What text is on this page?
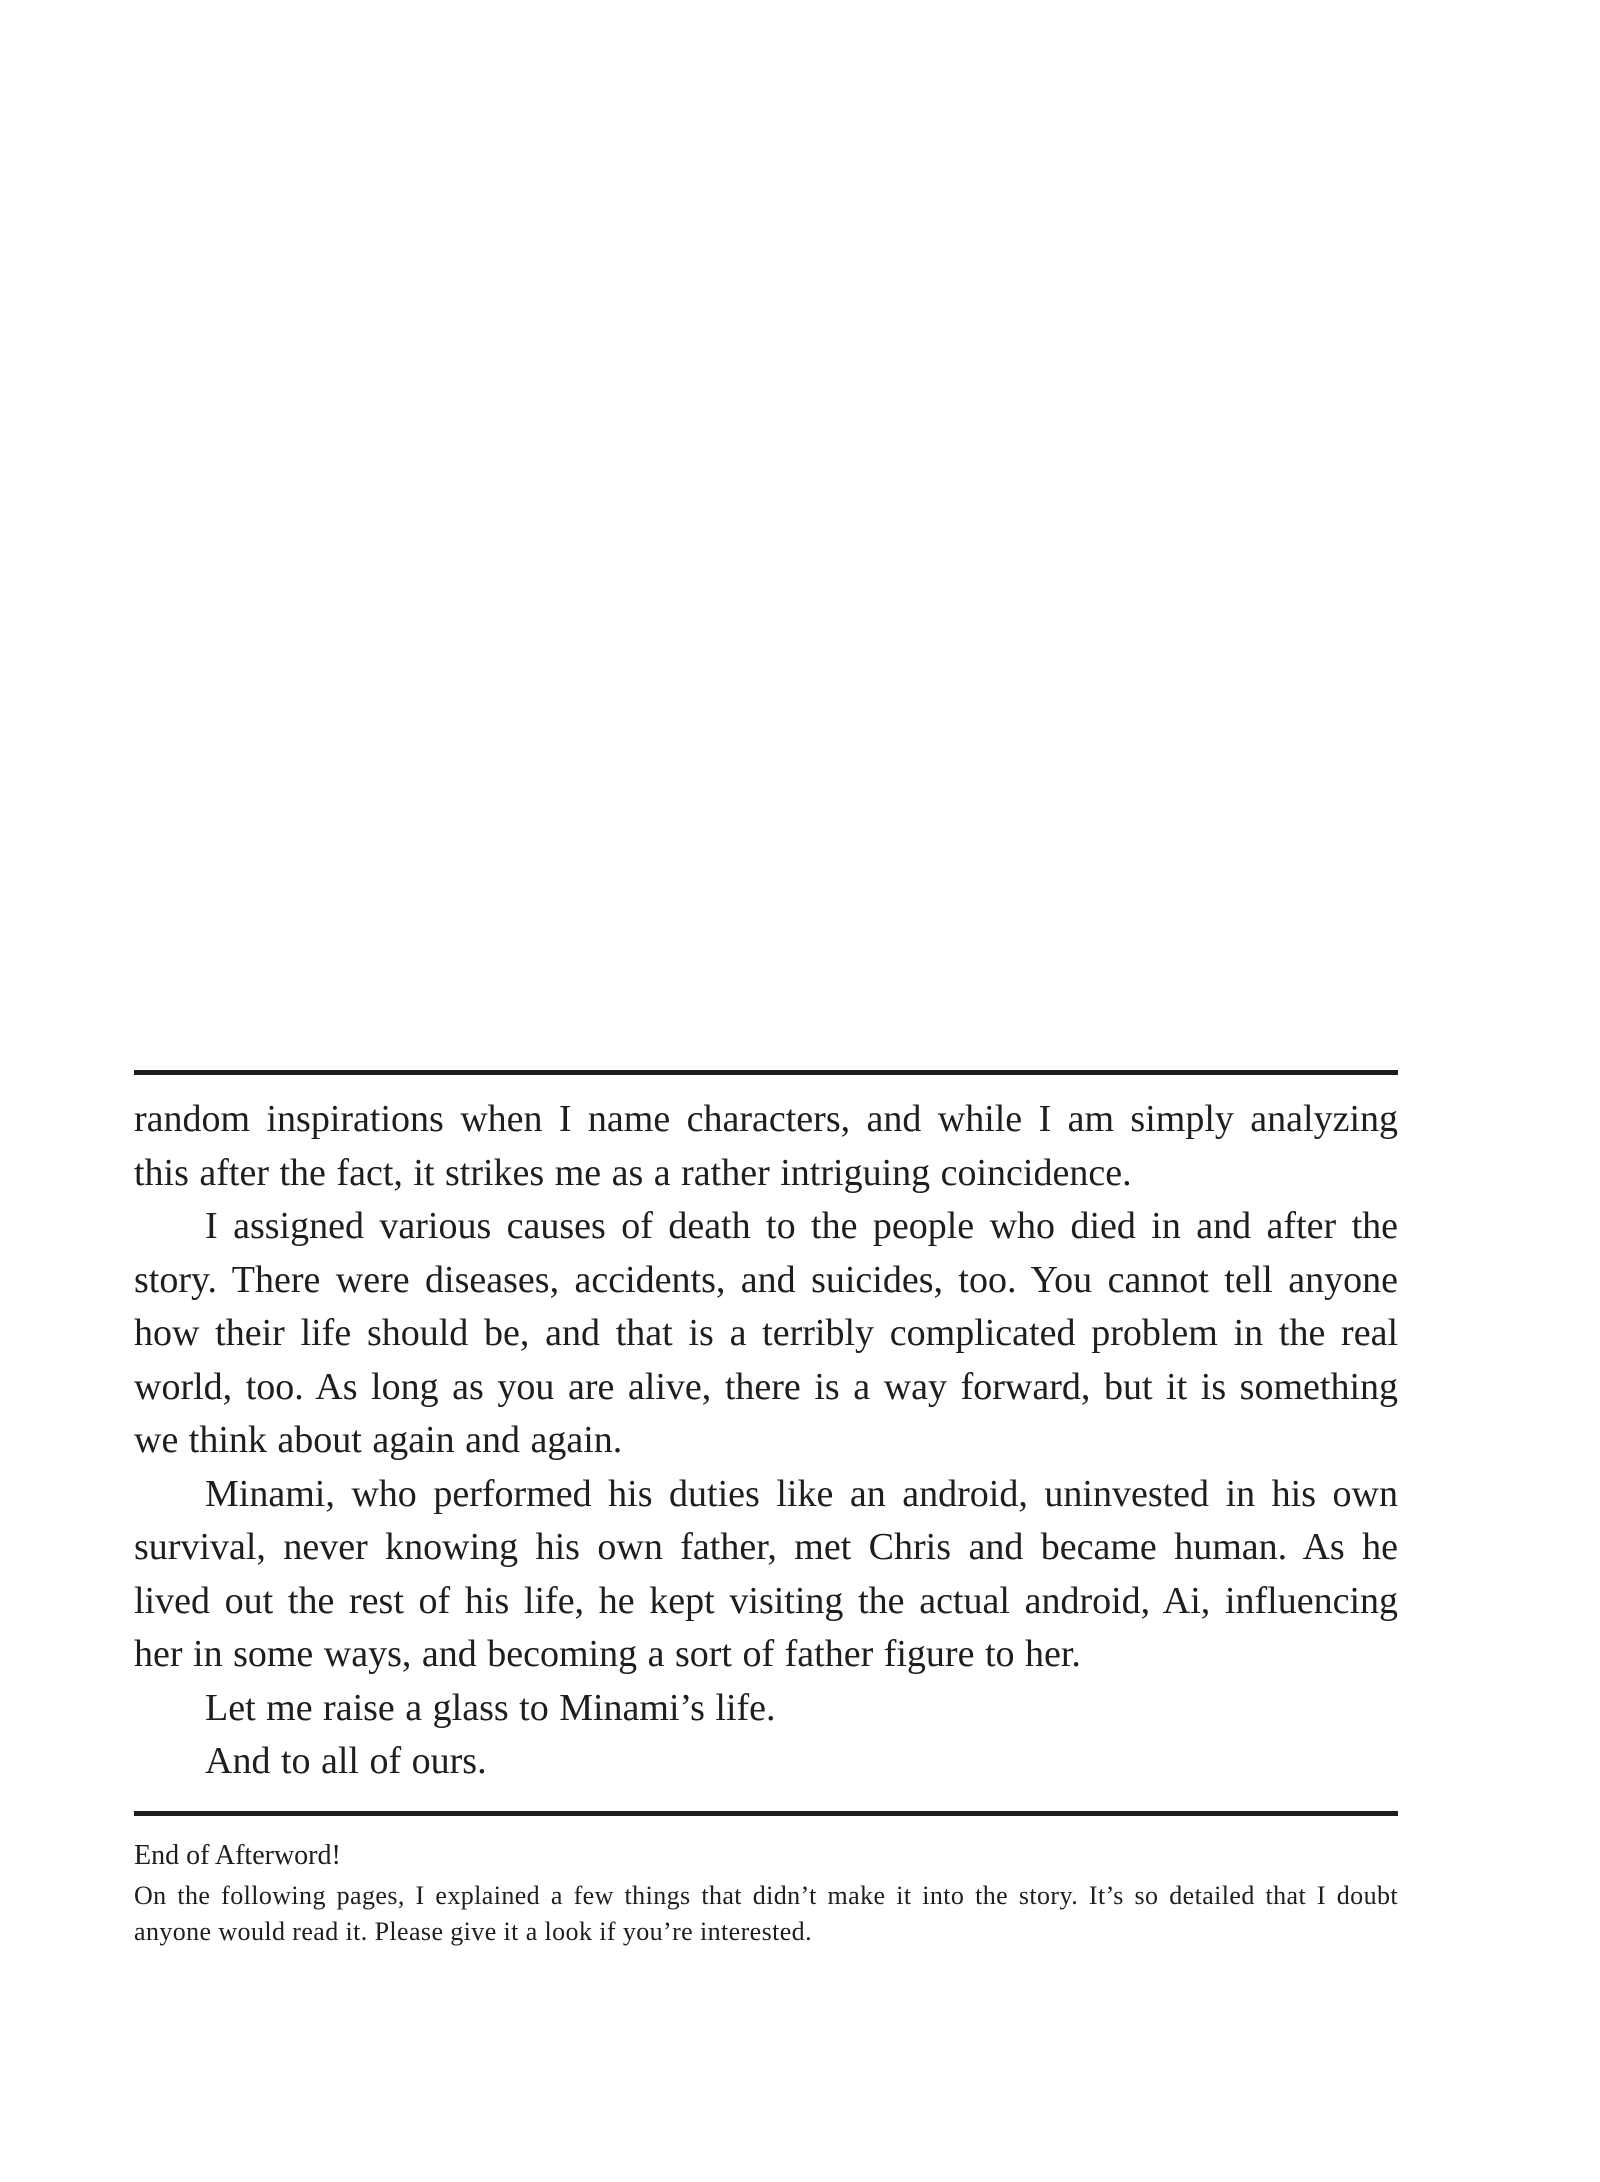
random inspirations when I name characters, and while I am simply analyzing this after the fact, it strikes me as a rather intriguing coincidence.

I assigned various causes of death to the people who died in and after the story. There were diseases, accidents, and suicides, too. You cannot tell anyone how their life should be, and that is a terribly complicated problem in the real world, too. As long as you are alive, there is a way forward, but it is something we think about again and again.

Minami, who performed his duties like an android, uninvested in his own survival, never knowing his own father, met Chris and became human. As he lived out the rest of his life, he kept visiting the actual android, Ai, influencing her in some ways, and becoming a sort of father figure to her.

Let me raise a glass to Minami’s life.

And to all of ours.

End of Afterword!

On the following pages, I explained a few things that didn’t make it into the story. It’s so detailed that I doubt anyone would read it. Please give it a look if you’re interested.
